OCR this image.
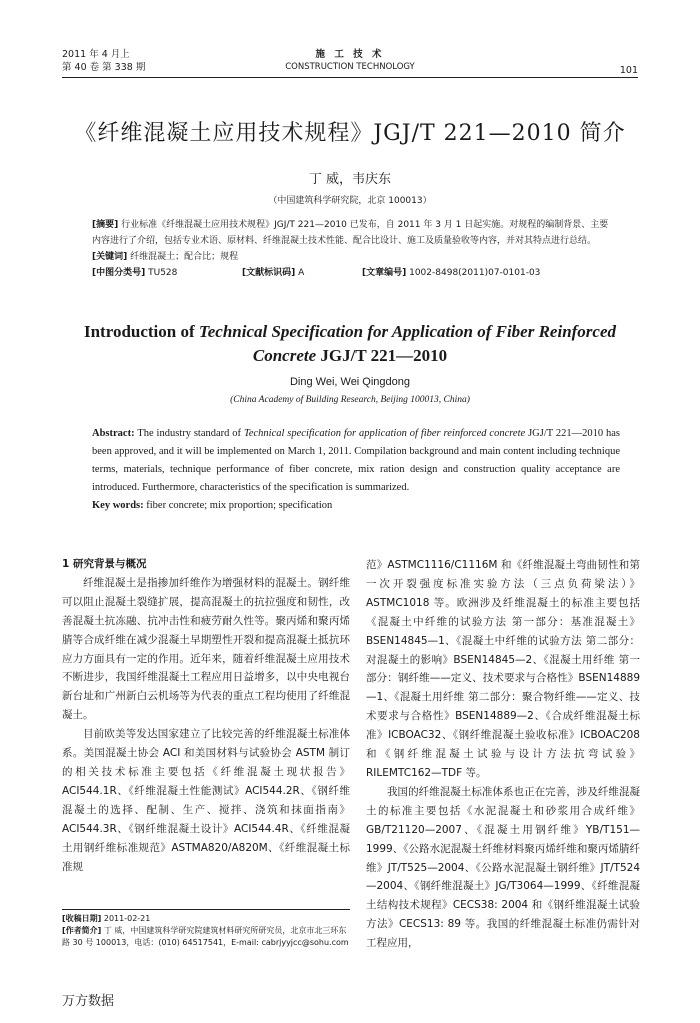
2011 年 4 月上
第 40 卷 第 338 期
施 工 技 术
CONSTRUCTION TECHNOLOGY	101
《纤维混凝土应用技术规程》JGJ/T 221—2010 简介
丁 威，韦庆东
（中国建筑科学研究院，北京 100013）
[摘要] 行业标准《纤维混凝土应用技术规程》JGJ/T 221—2010 已发布，自 2011 年 3 月 1 日起实施。对规程的编制背景、主要内容进行了介绍，包括专业术语、原材料、纤维混凝土技术性能、配合比设计、施工及质量验收等内容，并对其特点进行总结。
[关键词] 纤维混凝土；配合比；规程
[中图分类号] TU528	[文献标识码] A	[文章编号] 1002-8498(2011)07-0101-03
Introduction of Technical Specification for Application of Fiber Reinforced Concrete JGJ/T 221—2010
Ding Wei, Wei Qingdong
(China Academy of Building Research, Beijing 100013, China)
Abstract: The industry standard of Technical specification for application of fiber reinforced concrete JGJ/T 221—2010 has been approved, and it will be implemented on March 1, 2011. Compilation background and main content including technique terms, materials, technique performance of fiber concrete, mix ration design and construction quality acceptance are introduced. Furthermore, characteristics of the specification is summarized.
Key words: fiber concrete; mix proportion; specification

1 研究背景与概况

纤维混凝土是指掺加纤维作为增强材料的混凝土。钢纤维可以阻止混凝土裂缝扩展，提高混凝土的抗拉强度和韧性，改善混凝土抗冻融、抗冲击性和疲劳耐久性等。聚丙烯和聚丙烯腈等合成纤维在减少混凝土早期塑性开裂和提高混凝土抵抗环应力方面具有一定的作用。近年来，随着纤维混凝土应用技术不断进步，我国纤维混凝土工程应用日益增多，以中央电视台新台址和广州新白云机场等为代表的重点工程均使用了纤维混凝土。

目前欧美等发达国家建立了比较完善的纤维混凝土标准体系。美国混凝土协会 ACI 和美国材料与试验协会 ASTM 制订的相关技术标准主要包括《纤维混凝土现状报告》ACI544.1R、《纤维混凝土性能测试》ACI544.2R、《钢纤维混凝土的选择、配制、生产、搅拌、浇筑和抹面指南》ACI544.3R、《钢纤维混凝土设计》ACI544.4R、《纤维混凝土用钢纤维标准规范》ASTMA820/A820M、《纤维混凝土标准规

范》ASTMC1116/C1116M 和《纤维混凝土弯曲韧性和第一次开裂强度标准实验方法（三点负荷梁法）》ASTMC1018 等。欧洲涉及纤维混凝土的标准主要包括《混凝土中纤维的试验方法 第一部分：基准混凝土》BSEN14845—1、《混凝土中纤维的试验方法 第二部分：对混凝土的影响》BSEN14845—2、《混凝土用纤维 第一部分：钢纤维——定义、技术要求与合格性》BSEN14889—1、《混凝土用纤维 第二部分：聚合物纤维——定义、技术要求与合格性》BSEN14889—2、《合成纤维混凝土标准》ICBOAC32、《钢纤维混凝土验收标准》ICBOAC208 和《钢纤维混凝土试验与设计方法抗弯试验》RILEMTC162—TDF 等。

我国的纤维混凝土标准体系也正在完善，涉及纤维混凝土的标准主要包括《水泥混凝土和砂浆用合成纤维》GB/T21120—2007、《混凝土用钢纤维》YB/T151—1999、《公路水泥混凝土纤维材料聚丙烯纤维和聚丙烯腈纤维》JT/T525—2004、《公路水泥混凝土钢纤维》JT/T524—2004、《钢纤维混凝土》JG/T3064—1999、《纤维混凝土结构技术规程》CECS38: 2004 和《钢纤维混凝土试验方法》CECS13: 89 等。我国的纤维混凝土标准仍需针对工程应用，

[收稿日期] 2011-02-21
[作者简介] 丁 威，中国建筑科学研究院建筑材料研究所研究员，北京市北三环东路 30 号 100013，电话：(010) 64517541，E-mail: cabrjyyjcc@sohu.com
万方数据
